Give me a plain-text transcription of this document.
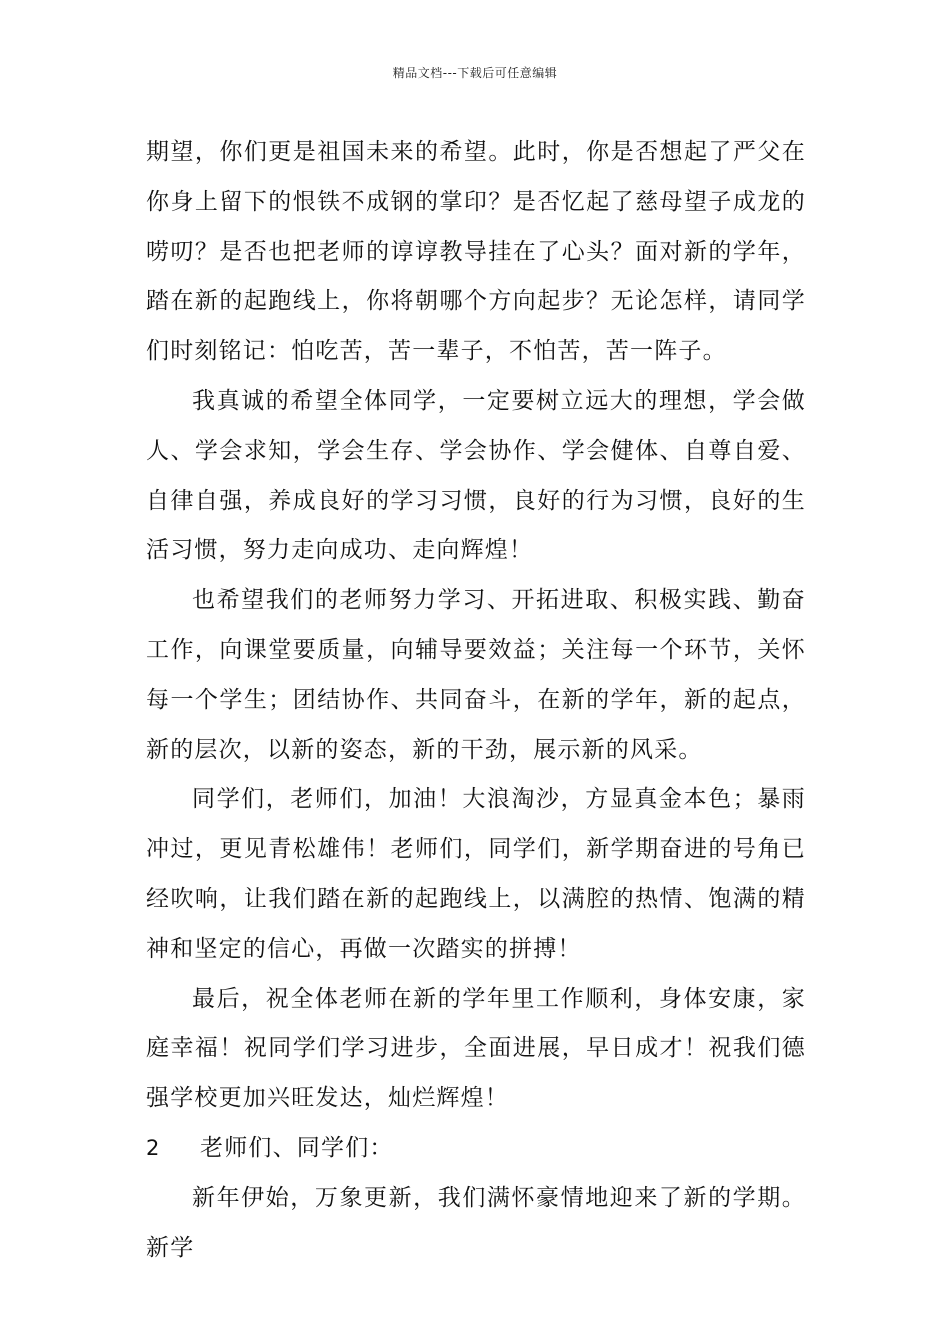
精品文档---下载后可任意编辑

期望，你们更是祖国未来的希望。此时，你是否想起了严父在你身上留下的恨铁不成钢的掌印？是否忆起了慈母望子成龙的唠叨？是否也把老师的谆谆教导挂在了心头？面对新的学年，踏在新的起跑线上，你将朝哪个方向起步？无论怎样，请同学们时刻铭记：怕吃苦，苦一辈子，不怕苦，苦一阵子。

我真诚的希望全体同学，一定要树立远大的理想，学会做人、学会求知，学会生存、学会协作、学会健体、自尊自爱、自律自强，养成良好的学习习惯，良好的行为习惯，良好的生活习惯，努力走向成功、走向辉煌！

也希望我们的老师努力学习、开拓进取、积极实践、勤奋工作，向课堂要质量，向辅导要效益；关注每一个环节，关怀每一个学生；团结协作、共同奋斗，在新的学年，新的起点，新的层次，以新的姿态，新的干劲，展示新的风采。

同学们，老师们，加油！大浪淘沙，方显真金本色；暴雨冲过，更见青松雄伟！老师们，同学们，新学期奋进的号角已经吹响，让我们踏在新的起跑线上，以满腔的热情、饱满的精神和坚定的信心，再做一次踏实的拼搏！

最后，祝全体老师在新的学年里工作顺利，身体安康，家庭幸福！祝同学们学习进步，全面进展，早日成才！祝我们德强学校更加兴旺发达，灿烂辉煌！

2 老师们、同学们：

新年伊始，万象更新，我们满怀豪情地迎来了新的学期。新学
